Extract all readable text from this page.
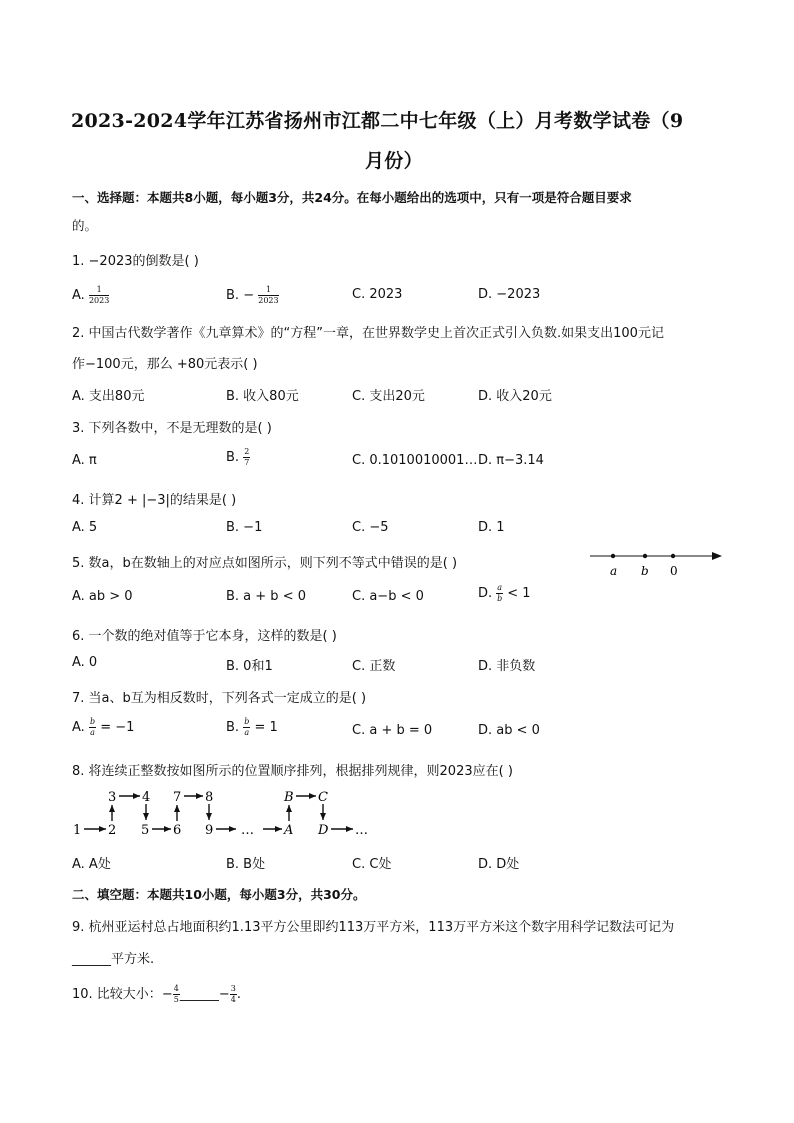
2023-2024学年江苏省扬州市江都二中七年级（上）月考数学试卷（9
月份）
一、选择题：本题共8小题，每小题3分，共24分。在每小题给出的选项中，只有一项是符合题目要求
的。
1. −2023的倒数是( )
A. $\frac{1}{2023}$	B. − $\frac{1}{2023}$	C. 2023	D. −2023
2. 中国古代数学著作《九章算术》的“方程”一章，在世界数学史上首次正式引入负数.如果支出100元记
作−100元，那么 +80元表示( )
A. 支出80元	B. 收入80元	C. 支出20元	D. 收入20元
3. 下列各数中，不是无理数的是( )
A. π	B. $\frac{2}{7}$	C. 0.1010010001… D. π−3.14
4. 计算2 + |−3|的结果是( )
A. 5	B. −1	C. −5	D. 1
5. 数a，b在数轴上的对应点如图所示，则下列不等式中错误的是( )	a b 0
A. ab > 0	B. a + b < 0	C. a−b < 0	D. $\frac{a}{b} < 1$
6. 一个数的绝对值等于它本身，这样的数是( )
A. 0	B. 0和1	C. 正数	D. 非负数
7. 当a、b互为相反数时，下列各式一定成立的是( )
A. $\frac{b}{a} = -1$	B. $\frac{b}{a} = 1$	C. a + b = 0	D. ab < 0
8. 将连续正整数按如图所示的位置顺序排列，根据排列规律，则2023应在( )
3 4 7 8	B C
1 2 5 6 9 … A D …
A. A处	B. B处	C. C处	D. D处
二、填空题：本题共10小题，每小题3分，共30分。
9. 杭州亚运村总占地面积约1.13平方公里即约113万平方米，113万平方米这个数字用科学记数法可记为
______平方米.
10. 比较大小：− $\frac{4}{5}$ ______− $\frac{3}{4}$ .
